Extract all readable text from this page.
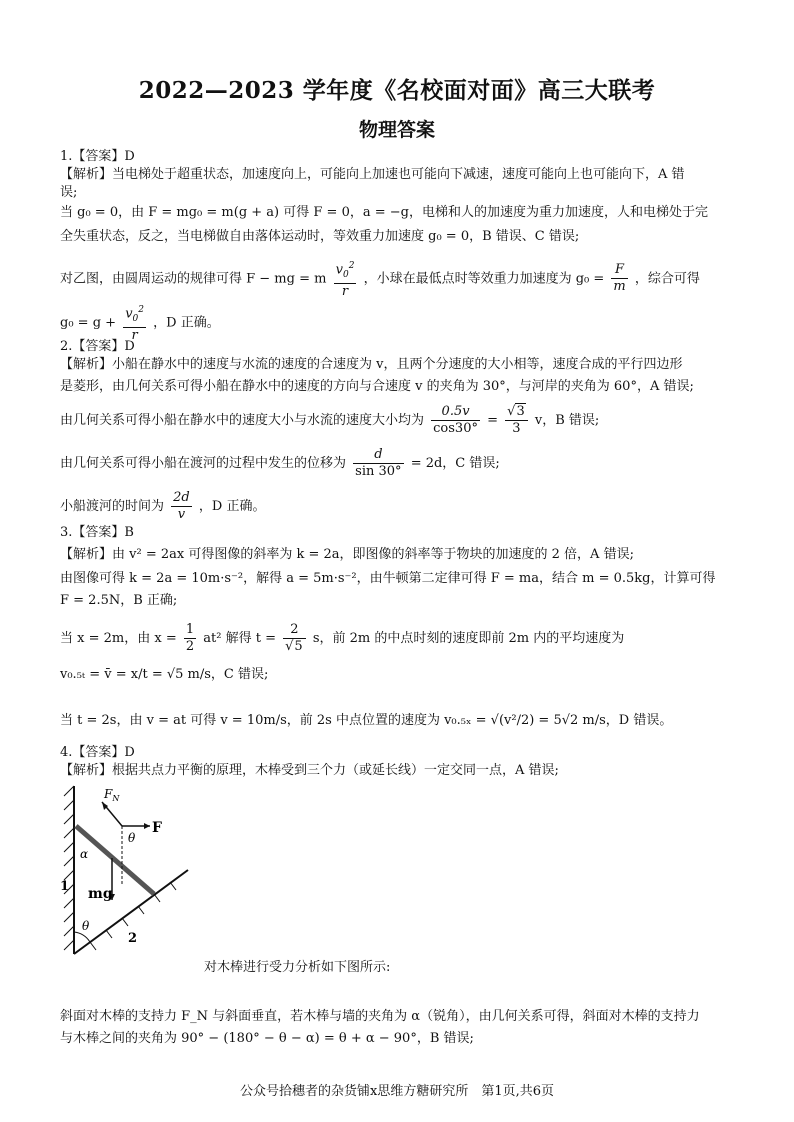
2022—2023 学年度《名校面对面》高三大联考
物理答案
1.【答案】D
【解析】当电梯处于超重状态，加速度向上，可能向上加速也可能向下减速，速度可能向上也可能向下，A 错
误;
当 g₀ = 0，由 F = mg₀ = m(g + a) 可得 F = 0，a = −g，电梯和人的加速度为重力加速度，人和电梯处于完
全失重状态，反之，当电梯做自由落体运动时，等效重力加速度 g₀ = 0，B 错误、C 错误;
对乙图，由圆周运动的规律可得 F − mg = m $\frac{v_0^2}{r}$ ，小球在最低点时等效重力加速度为 $g_0 = \frac{F}{m}$ ，综合可得
$g_0 = g + \frac{v_0^2}{r}$ ，D 正确。
2.【答案】D
【解析】小船在静水中的速度与水流的速度的合速度为 v，且两个分速度的大小相等，速度合成的平行四边形
是菱形，由几何关系可得小船在静水中的速度的方向与合速度 v 的夹角为 30°，与河岸的夹角为 60°，A 错误;
由几何关系可得小船在静水中的速度大小与水流的速度大小均为 $\frac{0.5v}{\cos 30^\circ} = \frac{√3}{3}$ v，B 错误;
由几何关系可得小船在渡河的过程中发生的位移为 $\frac{d}{\sin 30^\circ} = 2d$，C 错误;
小船渡河的时间为 $\frac{2d}{v}$ ，D 正确。
3.【答案】B
【解析】由 v² = 2ax 可得图像的斜率为 k = 2a，即图像的斜率等于物块的加速度的 2 倍，A 错误;
由图像可得 k = 2a = 10m·s⁻²，解得 a = 5m·s⁻²，由牛顿第二定律可得 F = ma，结合 m = 0.5kg，计算可得
F = 2.5N，B 正确;
当 x = 2m，由 $x = \frac{1}{2} at^2$ 解得 $t = \frac{2}{√5}$ s，前 2m 的中点时刻的速度即前 2m 内的平均速度为
v₀.₅ₜ = v̄ = x/t = √5 m/s，C 错误;
当 t = 2s，由 v = at 可得 v = 10m/s，前 2s 中点位置的速度为 v₀.₅ₓ = √(v²/2) = 5√2 m/s，D 错误。
4.【答案】D
【解析】根据共点力平衡的原理，木棒受到三个力（或延长线）一定交同一点，A 错误;
$F_N$
F
θ
α
1 mg
θ
2
对木棒进行受力分析如下图所示:
斜面对木棒的支持力 F_N 与斜面垂直，若木棒与墙的夹角为 α（锐角），由几何关系可得，斜面对木棒的支持力
与木棒之间的夹角为 90° − (180° − θ − α) = θ + α − 90°，B 错误;
公众号拾穗者的杂货铺x思维方糖研究所　第1页,共6页
